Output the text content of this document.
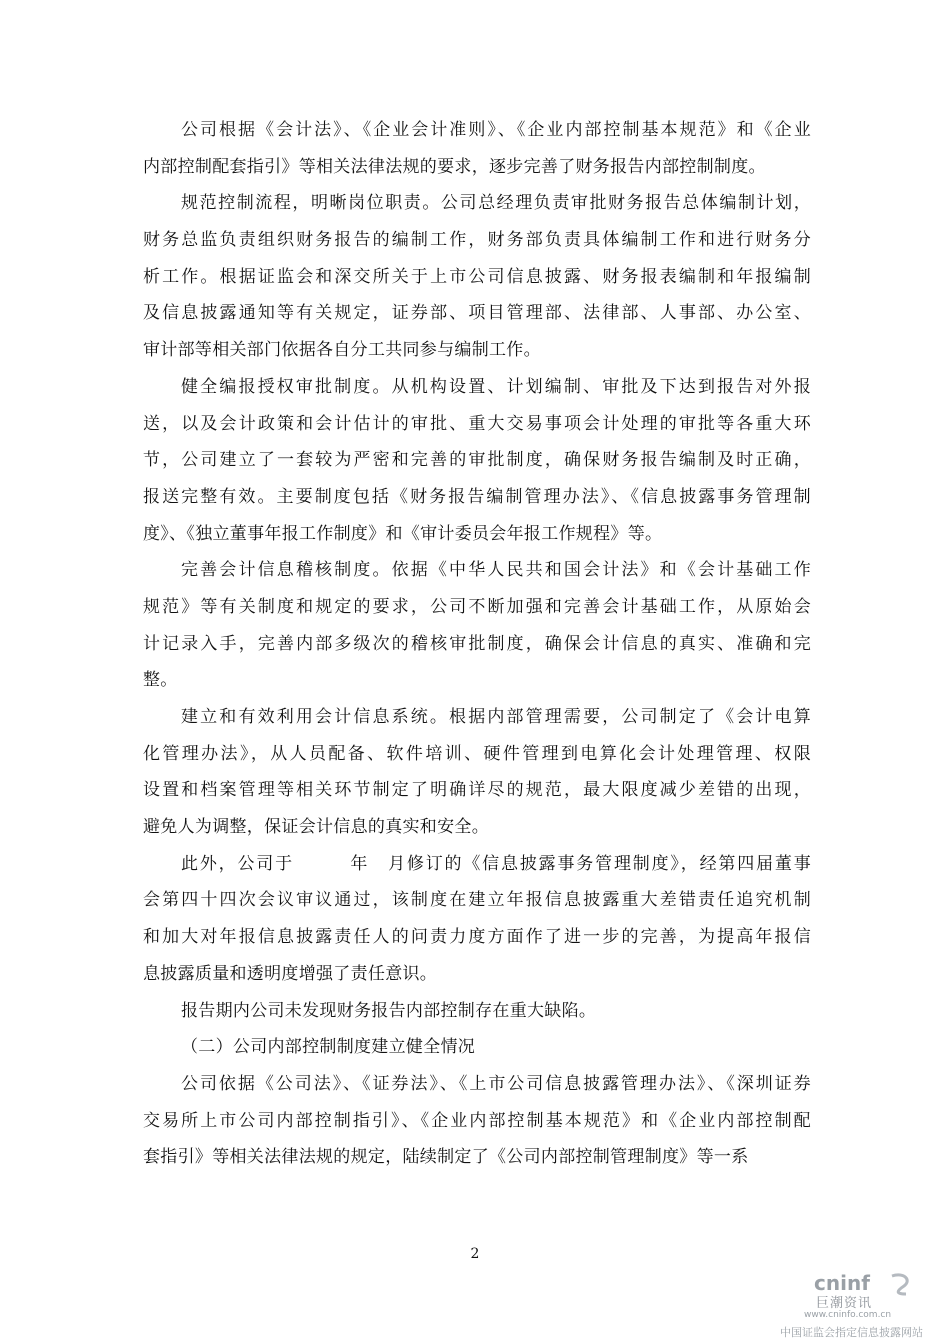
公司根据《会计法》、《企业会计准则》、《企业内部控制基本规范》和《企业
内部控制配套指引》等相关法律法规的要求，逐步完善了财务报告内部控制制度。
规范控制流程，明晰岗位职责。公司总经理负责审批财务报告总体编制计划，
财务总监负责组织财务报告的编制工作，财务部负责具体编制工作和进行财务分
析工作。根据证监会和深交所关于上市公司信息披露、财务报表编制和年报编制
及信息披露通知等有关规定，证券部、项目管理部、法律部、人事部、办公室、
审计部等相关部门依据各自分工共同参与编制工作。
健全编报授权审批制度。从机构设置、计划编制、审批及下达到报告对外报
送，以及会计政策和会计估计的审批、重大交易事项会计处理的审批等各重大环
节，公司建立了一套较为严密和完善的审批制度，确保财务报告编制及时正确，
报送完整有效。主要制度包括《财务报告编制管理办法》、《信息披露事务管理制
度》、《独立董事年报工作制度》和《审计委员会年报工作规程》等。
完善会计信息稽核制度。依据《中华人民共和国会计法》和《会计基础工作
规范》等有关制度和规定的要求，公司不断加强和完善会计基础工作，从原始会
计记录入手，完善内部多级次的稽核审批制度，确保会计信息的真实、准确和完
整。
建立和有效利用会计信息系统。根据内部管理需要，公司制定了《会计电算
化管理办法》，从人员配备、软件培训、硬件管理到电算化会计处理管理、权限
设置和档案管理等相关环节制定了明确详尽的规范，最大限度减少差错的出现，
避免人为调整，保证会计信息的真实和安全。
此外，公司于　　　年　月修订的《信息披露事务管理制度》，经第四届董事
会第四十四次会议审议通过，该制度在建立年报信息披露重大差错责任追究机制
和加大对年报信息披露责任人的问责力度方面作了进一步的完善，为提高年报信
息披露质量和透明度增强了责任意识。
报告期内公司未发现财务报告内部控制存在重大缺陷。
（二）公司内部控制制度建立健全情况
公司依据《公司法》、《证券法》、《上市公司信息披露管理办法》、《深圳证券
交易所上市公司内部控制指引》、《企业内部控制基本规范》和《企业内部控制配
套指引》等相关法律法规的规定，陆续制定了《公司内部控制管理制度》等一系
2
cninf
巨潮资讯
www.cninfo.com.cn
中国证监会指定信息披露网站
